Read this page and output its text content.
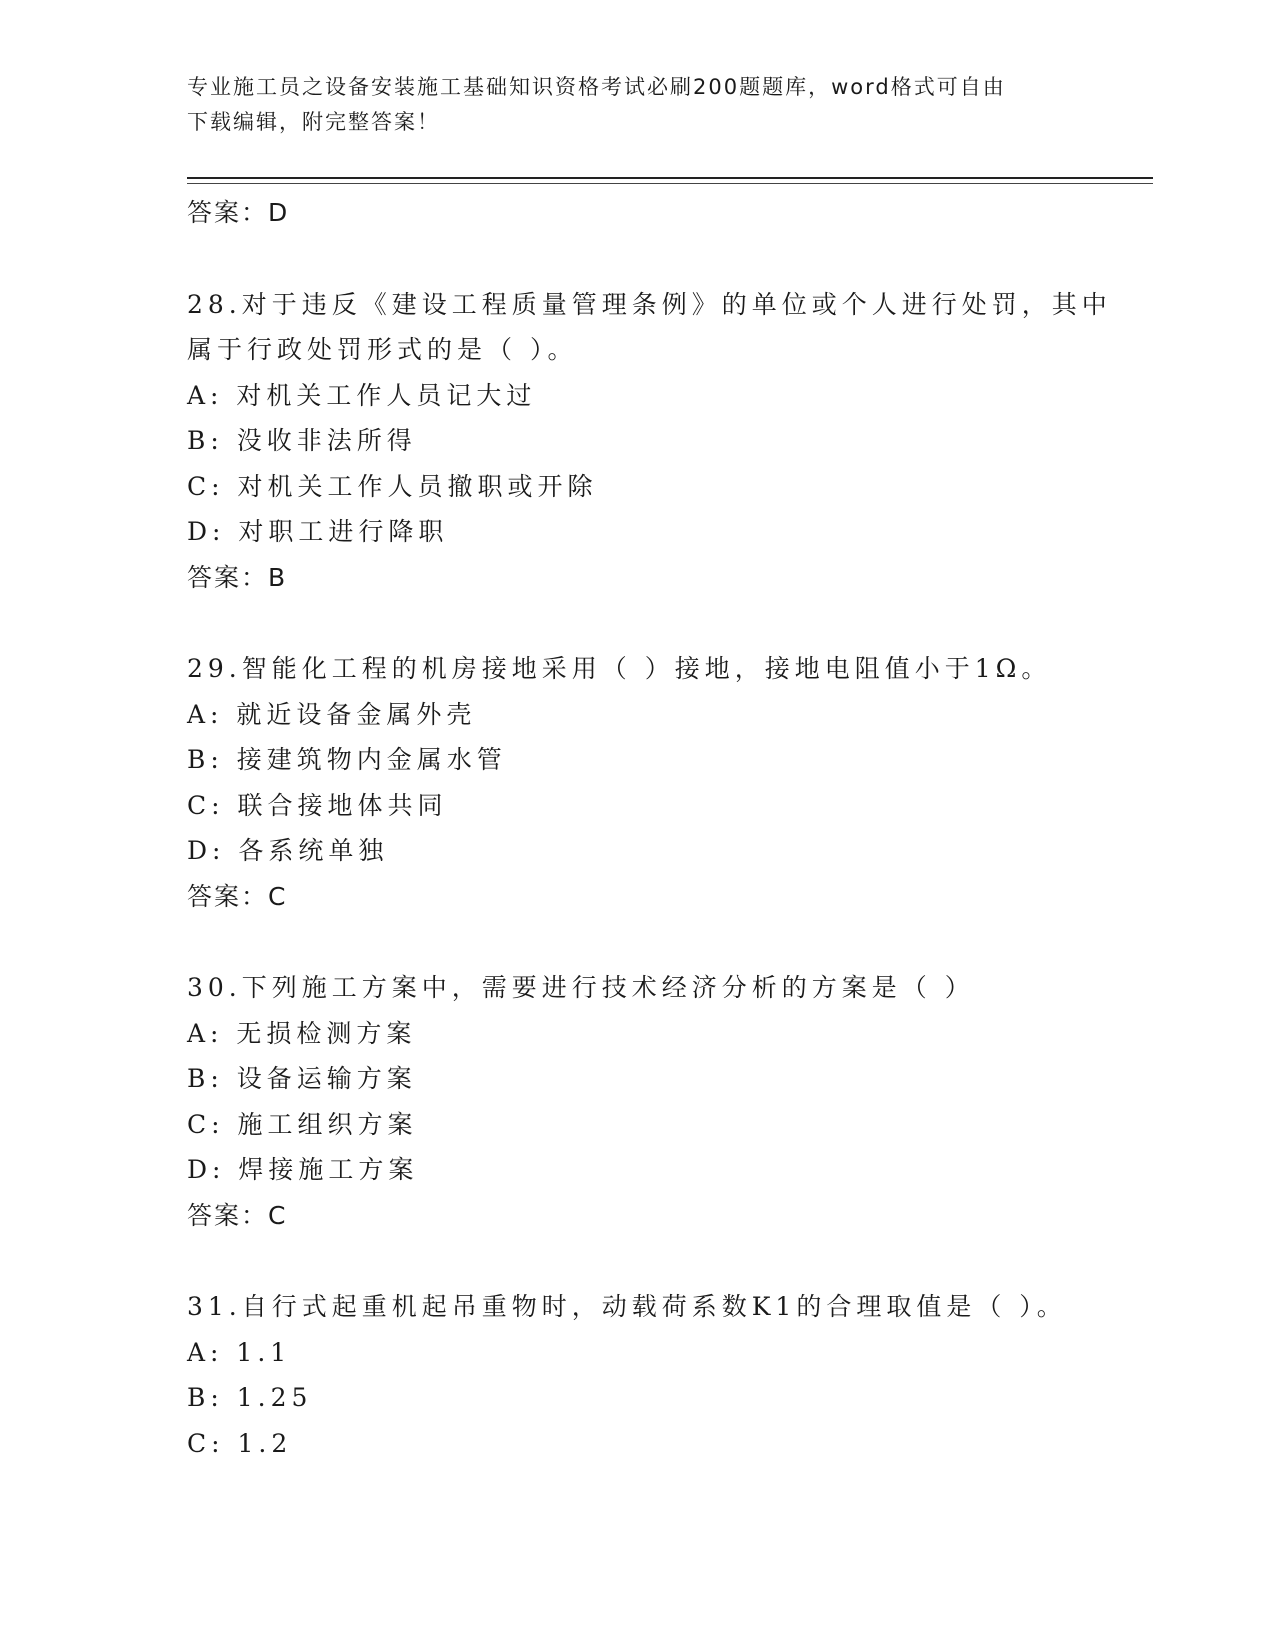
专业施工员之设备安装施工基础知识资格考试必刷200题题库，word格式可自由
下载编辑，附完整答案！
答案：D
28.对于违反《建设工程质量管理条例》的单位或个人进行处罚，其中
属于行政处罚形式的是（ ）。
A: 对机关工作人员记大过
B: 没收非法所得
C: 对机关工作人员撤职或开除
D: 对职工进行降职
答案：B
29.智能化工程的机房接地采用（ ）接地，接地电阻值小于1Ω。
A: 就近设备金属外壳
B: 接建筑物内金属水管
C: 联合接地体共同
D: 各系统单独
答案：C
30.下列施工方案中，需要进行技术经济分析的方案是（ ）
A: 无损检测方案
B: 设备运输方案
C: 施工组织方案
D: 焊接施工方案
答案：C
31.自行式起重机起吊重物时，动载荷系数K1的合理取值是（ ）。
A: 1.1
B: 1.25
C: 1.2
